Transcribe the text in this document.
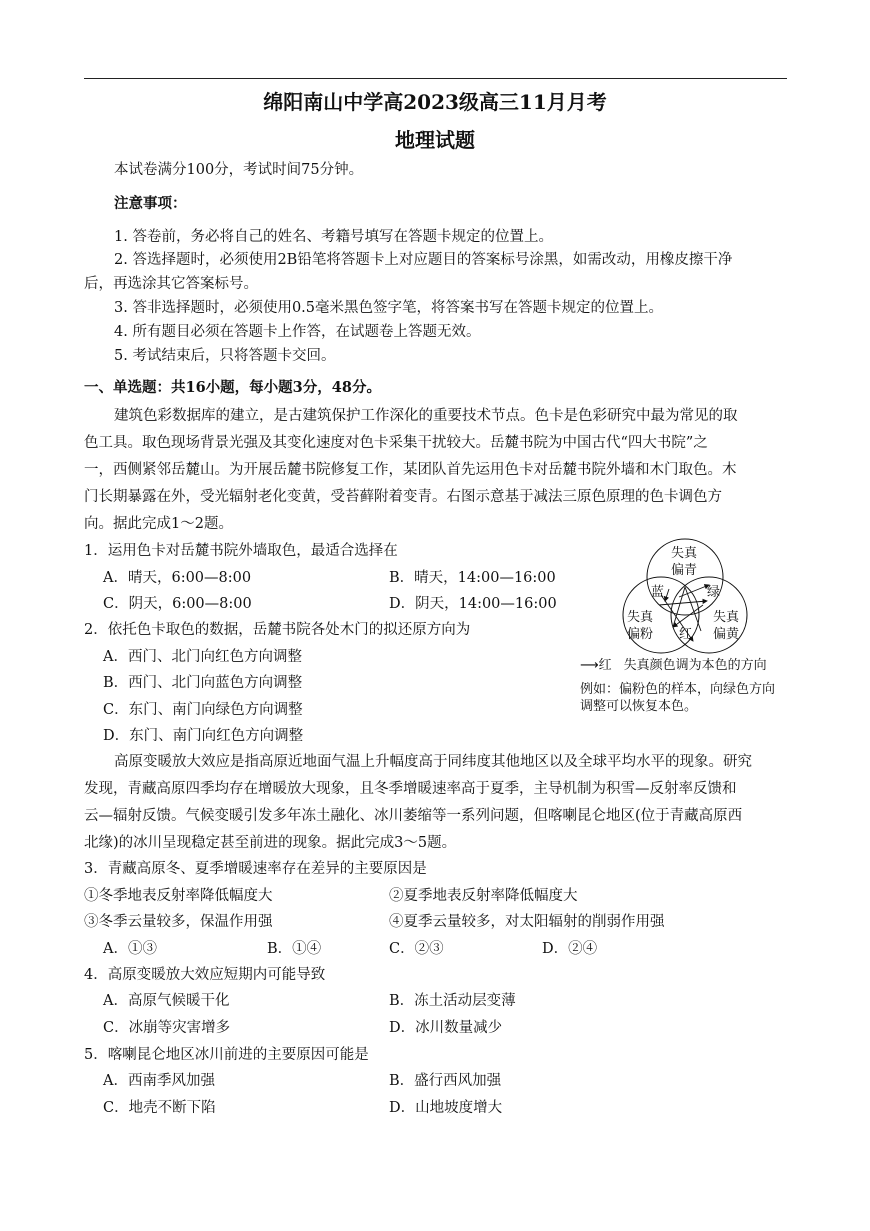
绵阳南山中学高2023级高三11月月考
地理试题
本试卷满分100分，考试时间75分钟。
注意事项：
1. 答卷前，务必将自己的姓名、考籍号填写在答题卡规定的位置上。
2. 答选择题时，必须使用2B铅笔将答题卡上对应题目的答案标号涂黑，如需改动，用橡皮擦干净
后，再选涂其它答案标号。
3. 答非选择题时，必须使用0.5毫米黑色签字笔，将答案书写在答题卡规定的位置上。
4. 所有题目必须在答题卡上作答，在试题卷上答题无效。
5. 考试结束后，只将答题卡交回。
一、单选题：共16小题，每小题3分，48分。
建筑色彩数据库的建立，是古建筑保护工作深化的重要技术节点。色卡是色彩研究中最为常见的取
色工具。取色现场背景光强及其变化速度对色卡采集干扰较大。岳麓书院为中国古代“四大书院”之
一，西侧紧邻岳麓山。为开展岳麓书院修复工作，某团队首先运用色卡对岳麓书院外墙和木门取色。木
门长期暴露在外，受光辐射老化变黄，受苔藓附着变青。右图示意基于减法三原色原理的色卡调色方
向。据此完成1～2题。
1．运用色卡对岳麓书院外墙取色，最适合选择在
A．晴天，6:00—8:00	B．晴天，14:00—16:00
C．阴天，6:00—8:00	D．阴天，14:00—16:00
2．依托色卡取色的数据，岳麓书院各处木门的拟还原方向为
A．西门、北门向红色方向调整
B．西门、北门向蓝色方向调整
C．东门、南门向绿色方向调整
D．东门、南门向红色方向调整
失真
偏青
蓝	绿
失真
偏粉
失真
偏黄
红
⟶红 失真颜色调为本色的方向
例如：偏粉色的样本，向绿色方向
调整可以恢复本色。
高原变暖放大效应是指高原近地面气温上升幅度高于同纬度其他地区以及全球平均水平的现象。研究
发现，青藏高原四季均存在增暖放大现象，且冬季增暖速率高于夏季，主导机制为积雪—反射率反馈和
云—辐射反馈。气候变暖引发多年冻土融化、冰川萎缩等一系列问题，但喀喇昆仑地区(位于青藏高原西
北缘)的冰川呈现稳定甚至前进的现象。据此完成3～5题。
3．青藏高原冬、夏季增暖速率存在差异的主要原因是
①冬季地表反射率降低幅度大	②夏季地表反射率降低幅度大
③冬季云量较多，保温作用强	④夏季云量较多，对太阳辐射的削弱作用强
A．①③	B．①④	C．②③	D．②④
4．高原变暖放大效应短期内可能导致
A．高原气候暖干化	B．冻土活动层变薄
C．冰崩等灾害增多	D．冰川数量减少
5．喀喇昆仑地区冰川前进的主要原因可能是
A．西南季风加强	B．盛行西风加强
C．地壳不断下陷	D．山地坡度增大
